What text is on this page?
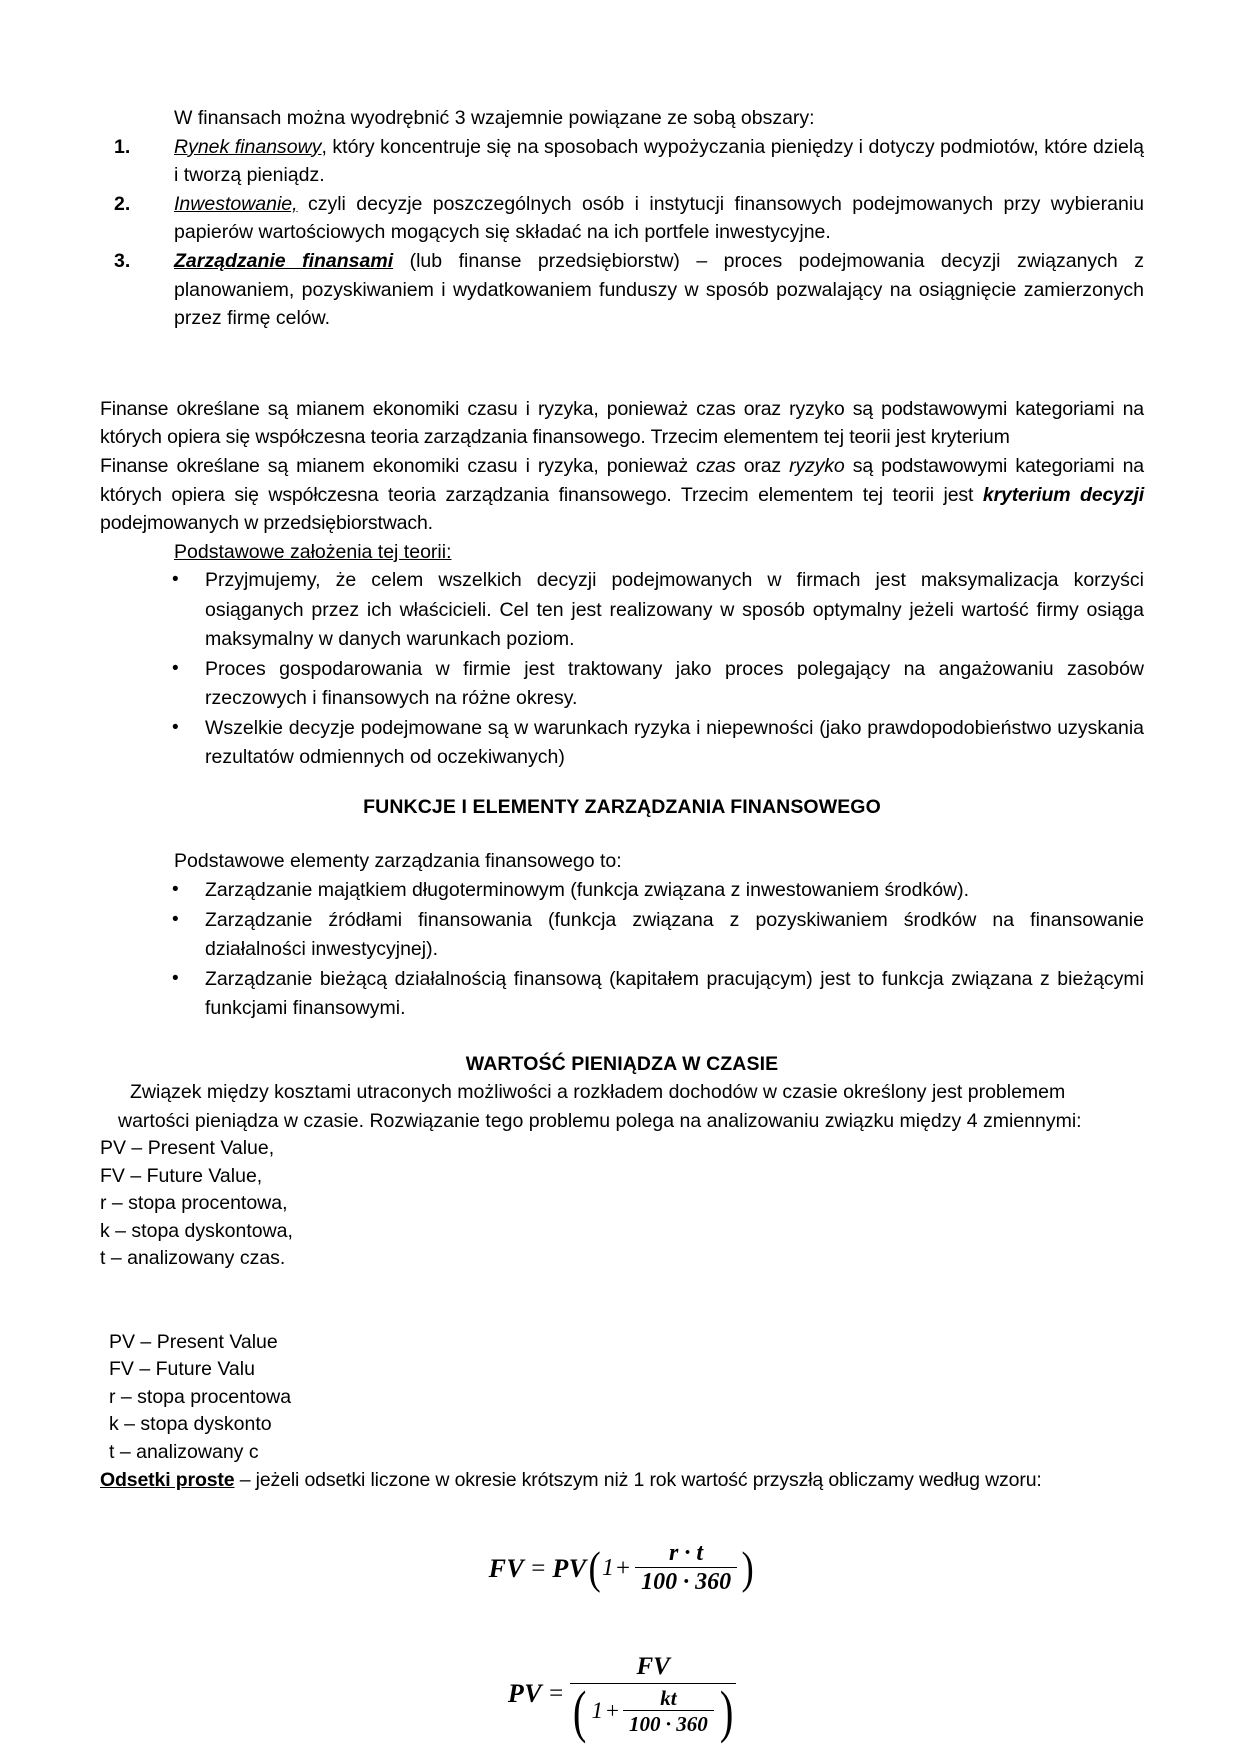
W finansach można wyodrębnić 3 wzajemnie powiązane ze sobą obszary:

Rynek finansowy, który koncentruje się na sposobach wypożyczania pieniędzy i dotyczy podmiotów, które dzielą i tworzą pieniądz.
Inwestowanie, czyli decyzje poszczególnych osób i instytucji finansowych podejmowanych przy wybieraniu papierów wartościowych mogących się składać na ich portfele inwestycyjne.
Zarządzanie finansami (lub finanse przedsiębiorstw) – proces podejmowania decyzji związanych z planowaniem, pozyskiwaniem i wydatkowaniem funduszy w sposób pozwalający na osiągnięcie zamierzonych przez firmę celów.

Finanse określane są mianem ekonomiki czasu i ryzyka, ponieważ czas oraz ryzyko są podstawowymi kategoriami na których opiera się współczesna teoria zarządzania finansowego. Trzecim elementem tej teorii jest kryterium

Finanse określane są mianem ekonomiki czasu i ryzyka, ponieważ czas oraz ryzyko są podstawowymi kategoriami na których opiera się współczesna teoria zarządzania finansowego. Trzecim elementem tej teorii jest kryterium decyzji podejmowanych w przedsiębiorstwach.

Podstawowe założenia tej teorii:

• Przyjmujemy, że celem wszelkich decyzji podejmowanych w firmach jest maksymalizacja korzyści osiąganych przez ich właścicieli. Cel ten jest realizowany w sposób optymalny jeżeli wartość firmy osiąga maksymalny w danych warunkach poziom.
• Proces gospodarowania w firmie jest traktowany jako proces polegający na angażowaniu zasobów rzeczowych i finansowych na różne okresy.
• Wszelkie decyzje podejmowane są w warunkach ryzyka i niepewności (jako prawdopodobieństwo uzyskania rezultatów odmiennych od oczekiwanych)

FUNKCJE I ELEMENTY ZARZĄDZANIA FINANSOWEGO

Podstawowe elementy zarządzania finansowego to:

• Zarządzanie majątkiem długoterminowym (funkcja związana z inwestowaniem środków).
• Zarządzanie źródłami finansowania (funkcja związana z pozyskiwaniem środków na finansowanie działalności inwestycyjnej).
• Zarządzanie bieżącą działalnością finansową (kapitałem pracującym) jest to funkcja związana z bieżącymi funkcjami finansowymi.

WARTOŚĆ PIENIĄDZA W CZASIE

Związek między kosztami utraconych możliwości a rozkładem dochodów w czasie określony jest problemem

wartości pieniądza w czasie. Rozwiązanie tego problemu polega na analizowaniu związku między 4 zmiennymi:

PV – Present Value,

FV – Future Value,

r – stopa procentowa,

k – stopa dyskontowa,

t – analizowany czas.

PV – Present Value

FV – Future Valu

r – stopa procentowa

k – stopa dyskonto

t – analizowany c

Odsetki proste – jeżeli odsetki liczone w okresie krótszym niż 1 rok wartość przyszłą obliczamy według wzoru:

FV = PV ( $1 + \frac{r \cdot t}{100 \cdot 360}$ )
PV =
FV
( $1 + \frac{kt}{100 \cdot 360}$ )
